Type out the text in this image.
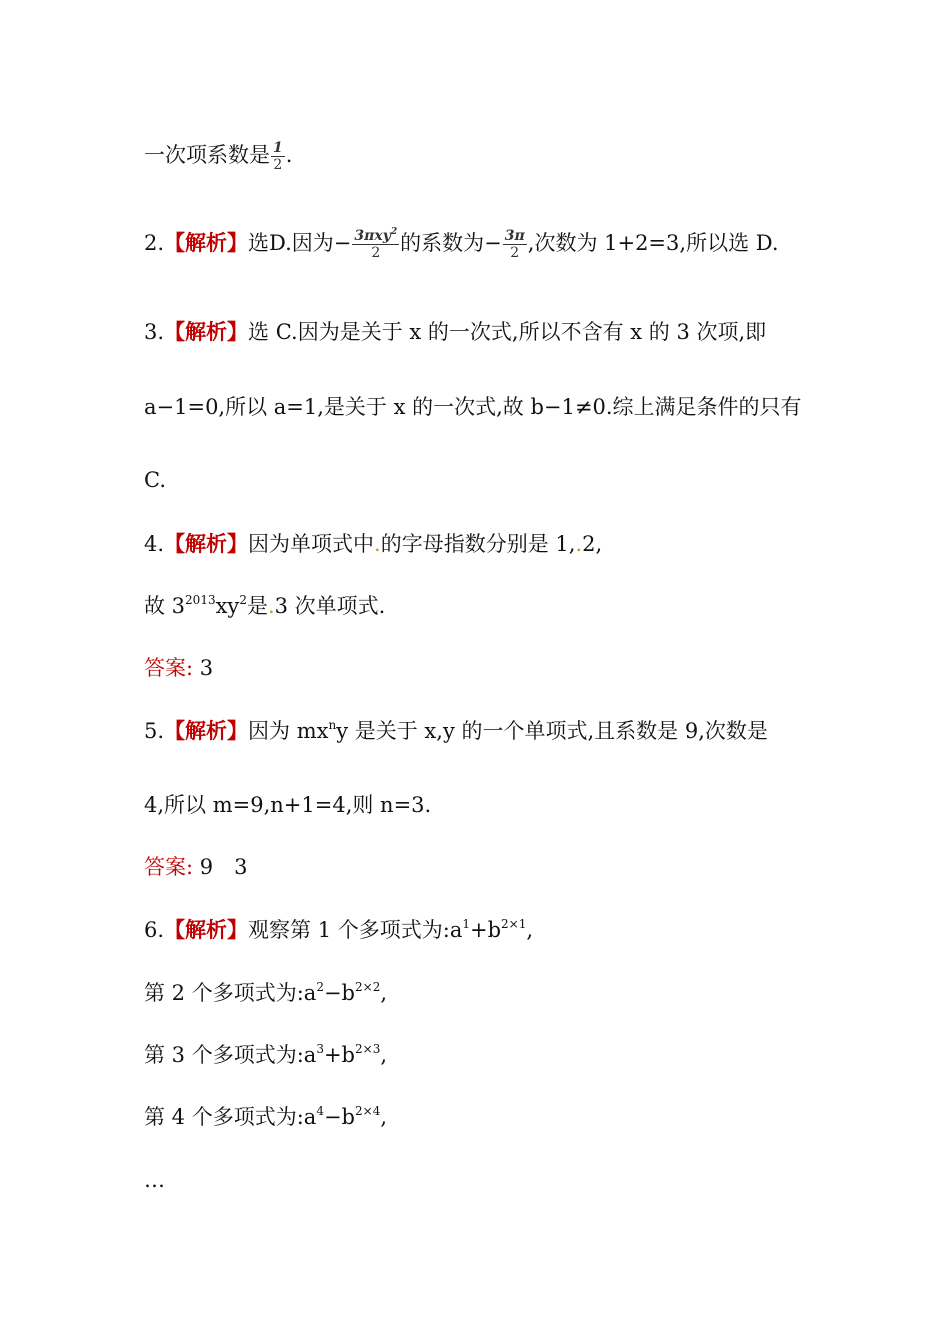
一次项系数是 $\frac{1}{2}$ .
2.【解析】选D.因为− $\frac{3\pi xy^2}{2}$ 的系数为− $\frac{3\pi}{2}$ ,次数为 1+2=3,所以选 D.
3.【解析】选 C.因为是关于 x 的一次式,所以不含有 x 的 3 次项,即
a−1=0,所以 a=1,是关于 x 的一次式,故 b−1≠0.综上满足条件的只有
C.
4.【解析】因为单项式中.的字母指数分别是 1,.2,
故 $3^{2013}xy^2$是.3 次单项式.
答案: 3
5.【解析】因为 $mx^ny$ 是关于 x,y 的一个单项式,且系数是 9,次数是
4,所以 m=9,n+1=4,则 n=3.
答案: 9　3
6.【解析】观察第 1 个多项式为$:a^1+b^{2\times 1}$,
第 2 个多项式为$:a^2-b^{2\times 2}$,
第 3 个多项式为$:a^3+b^{2\times 3}$,
第 4 个多项式为$:a^4-b^{2\times 4}$,
…
